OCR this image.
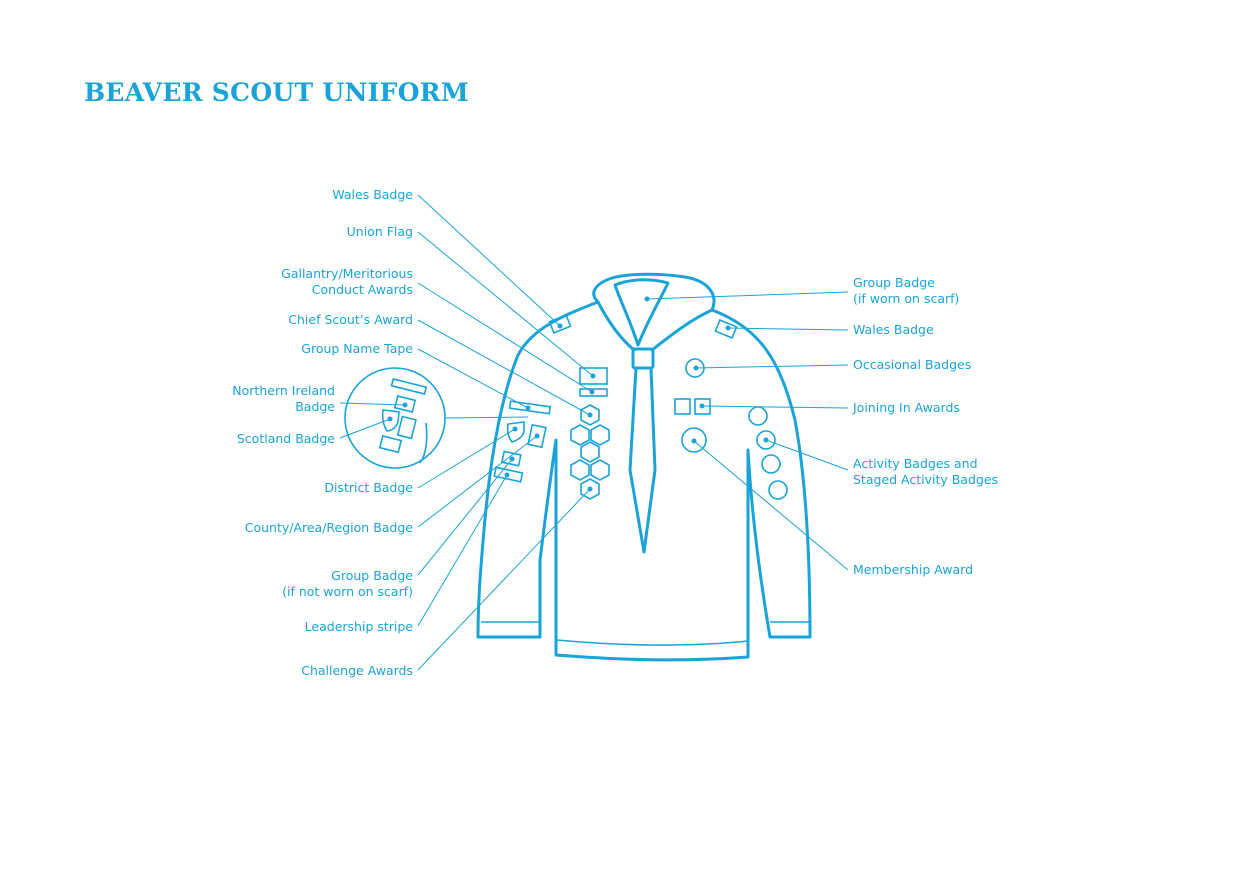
BEAVER SCOUT UNIFORM
Wales Badge
Union Flag
Gallantry/Meritorious
Conduct Awards
Chief Scout’s Award
Group Name Tape
Northern Ireland
Badge
Scotland Badge
District Badge
County/Area/Region Badge
Group Badge
(if not worn on scarf)
Leadership stripe
Challenge Awards
Group Badge
(if worn on scarf)
Wales Badge
Occasional Badges
Joining In Awards
Activity Badges and
Staged Activity Badges
Membership Award
